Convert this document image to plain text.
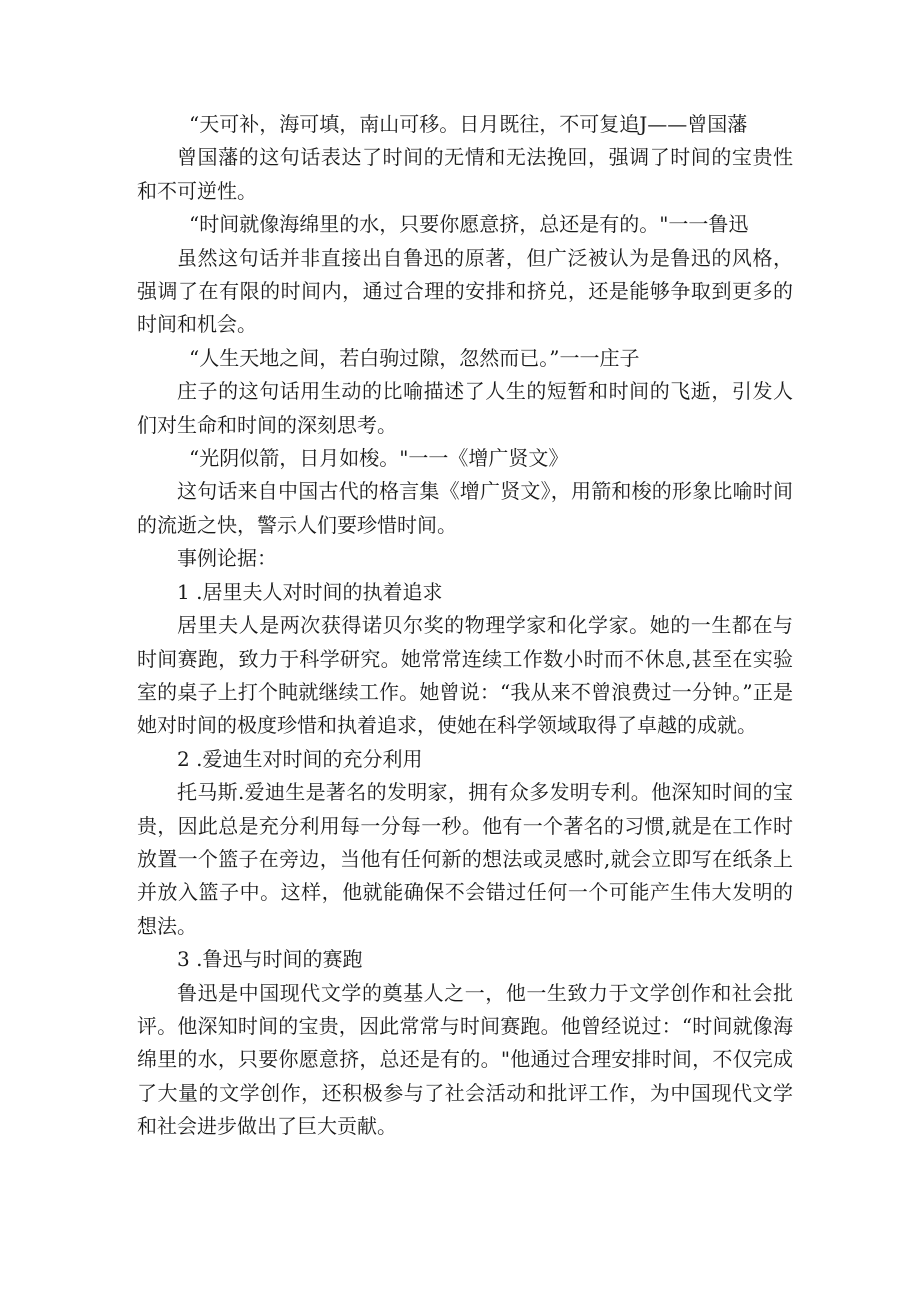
“天可补，海可填，南山可移。日月既往，不可复追J——曾国藩

曾国藩的这句话表达了时间的无情和无法挽回，强调了时间的宝贵性和不可逆性。

“时间就像海绵里的水，只要你愿意挤，总还是有的。"一一鲁迅

虽然这句话并非直接出自鲁迅的原著，但广泛被认为是鲁迅的风格，强调了在有限的时间内，通过合理的安排和挤兑，还是能够争取到更多的时间和机会。

“人生天地之间，若白驹过隙，忽然而已。”一一庄子

庄子的这句话用生动的比喻描述了人生的短暂和时间的飞逝，引发人们对生命和时间的深刻思考。

“光阴似箭，日月如梭。"一一《增广贤文》

这句话来自中国古代的格言集《增广贤文》，用箭和梭的形象比喻时间的流逝之快，警示人们要珍惜时间。

事例论据：

1 .居里夫人对时间的执着追求

居里夫人是两次获得诺贝尔奖的物理学家和化学家。她的一生都在与时间赛跑，致力于科学研究。她常常连续工作数小时而不休息,甚至在实验室的桌子上打个盹就继续工作。她曾说：“我从来不曾浪费过一分钟。”正是她对时间的极度珍惜和执着追求，使她在科学领域取得了卓越的成就。

2 .爱迪生对时间的充分利用

托马斯.爱迪生是著名的发明家，拥有众多发明专利。他深知时间的宝贵，因此总是充分利用每一分每一秒。他有一个著名的习惯,就是在工作时放置一个篮子在旁边，当他有任何新的想法或灵感时,就会立即写在纸条上并放入篮子中。这样，他就能确保不会错过任何一个可能产生伟大发明的想法。

3 .鲁迅与时间的赛跑

鲁迅是中国现代文学的奠基人之一，他一生致力于文学创作和社会批评。他深知时间的宝贵，因此常常与时间赛跑。他曾经说过：“时间就像海绵里的水，只要你愿意挤，总还是有的。"他通过合理安排时间，不仅完成了大量的文学创作，还积极参与了社会活动和批评工作，为中国现代文学和社会进步做出了巨大贡献。
